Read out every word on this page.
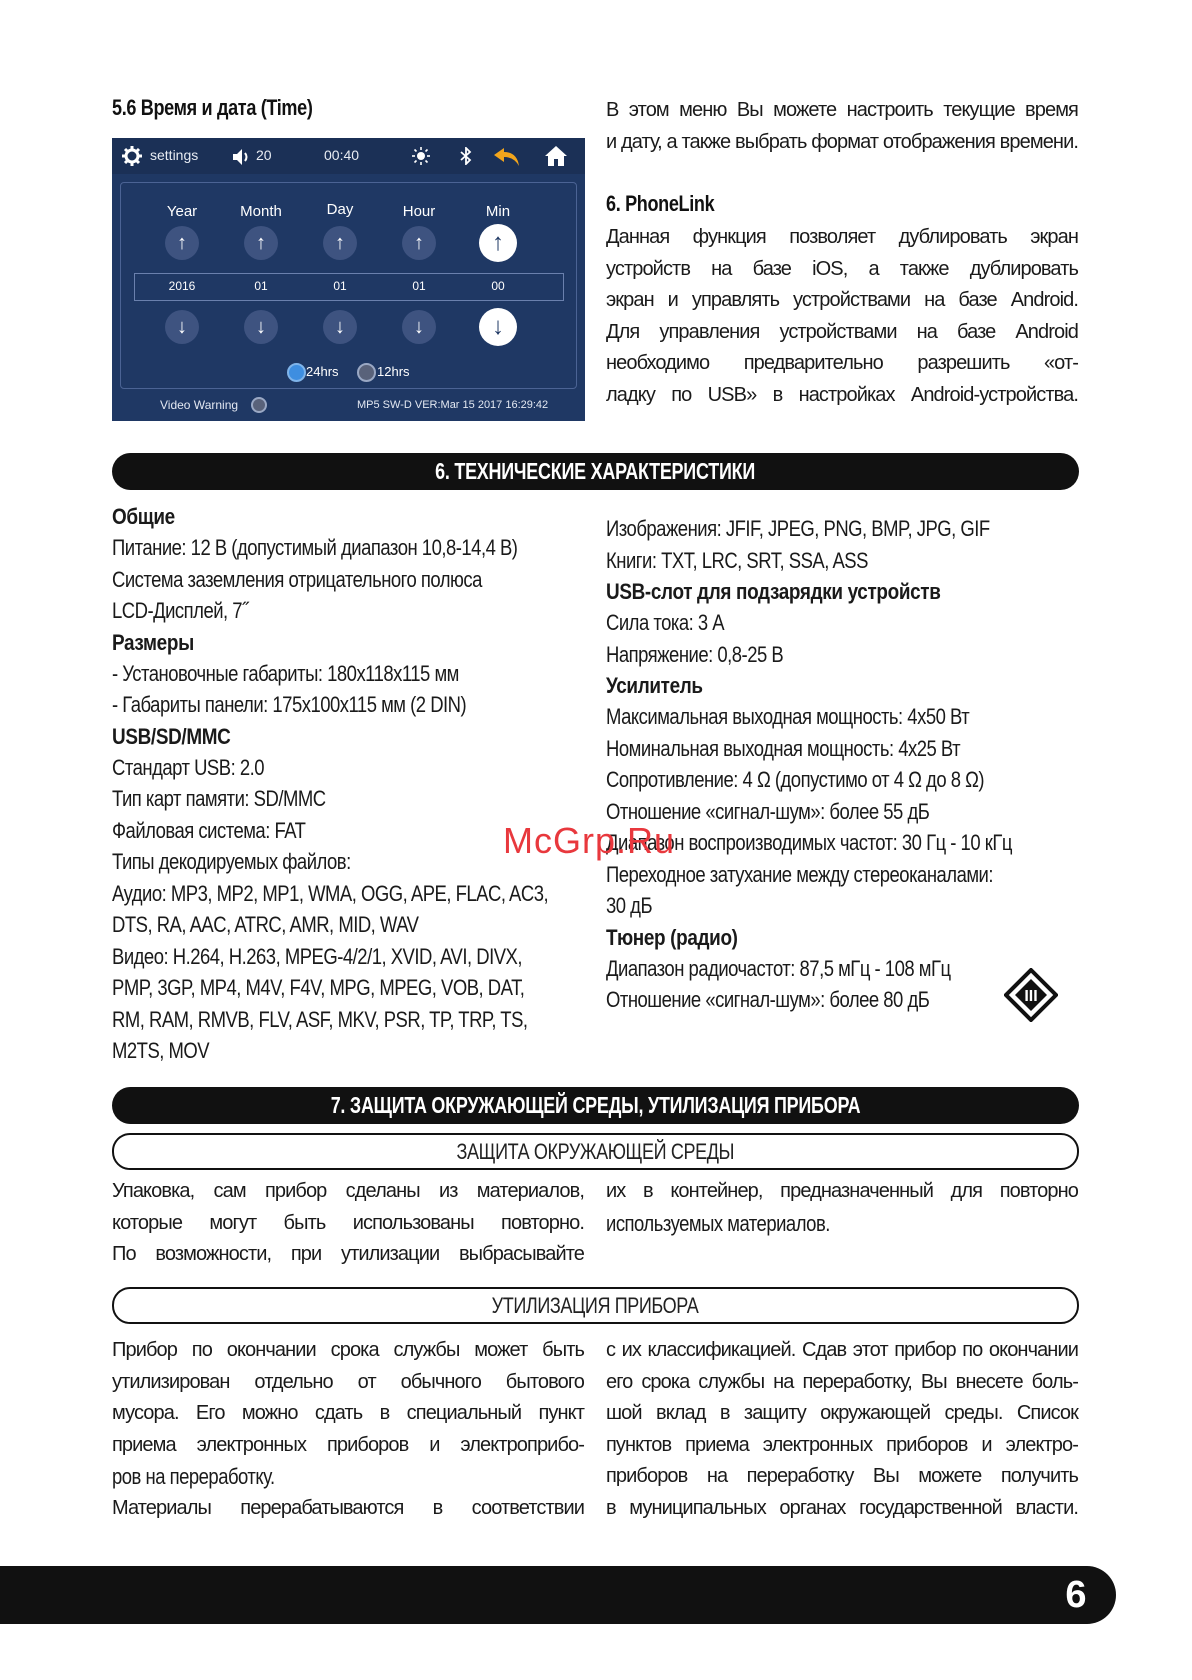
5.6 Время и дата (Time)
settings	20	00:40
Year	Month	Day	Hour	Min
↑	↑	↑	↑	↑
2016	01	01	01	00
↓	↓	↓	↓	↓
24hrs	12hrs
Video Warning	MP5 SW-D VER:Mar 15 2017 16:29:42
В этом меню Вы можете настроить текущие время
и дату, а также выбрать формат отображения времени.
6. PhoneLink
Данная функция позволяет дублировать экран
устройств на базе iOS, а также дублировать
экран и управлять устройствами на базе Android.
Для управления устройствами на базе Android
необходимо предварительно разрешить «от-
ладку по USB» в настройках Android-устройства.
6. ТЕХНИЧЕСКИЕ ХАРАКТЕРИСТИКИ
Общие
Питание: 12 В (допустимый диапазон 10,8-14,4 В)
Система заземления отрицательного полюса
LCD-Дисплей, 7˝
Размеры
- Установочные габариты: 180x118x115 мм
- Габариты панели: 175x100x115 мм (2 DIN)
USB/SD/MMC
Стандарт USB: 2.0
Тип карт памяти: SD/MMC
Файловая система: FAT
Типы декодируемых файлов:
Аудио: MP3, MP2, MP1, WMA, OGG, APE, FLAC, AC3,
DTS, RA, AAC, ATRC, AMR, MID, WAV
Видео: H.264, H.263, MPEG-4/2/1, XVID, AVI, DIVX,
PMP, 3GP, MP4, M4V, F4V, MPG, MPEG, VOB, DAT,
RM, RAM, RMVB, FLV, ASF, MKV, PSR, TP, TRP, TS,
M2TS, MOV
Изображения: JFIF, JPEG, PNG, BMP, JPG, GIF
Книги: TXT, LRC, SRT, SSA, ASS
USB-слот для подзарядки устройств
Сила тока: 3 А
Напряжение: 0,8-25 В
Усилитель
Максимальная выходная мощность: 4x50 Вт
Номинальная выходная мощность: 4x25 Вт
Сопротивление: 4 Ω (допустимо от 4 Ω до 8 Ω)
Отношение «сигнал-шум»: более 55 дБ
Диапазон воспроизводимых частот: 30 Гц - 10 кГц
Переходное затухание между стереоканалами:
30 дБ
Тюнер (радио)
Диапазон радиочастот: 87,5 мГц - 108 мГц
Отношение «сигнал-шум»: более 80 дБ	III
7. ЗАЩИТА ОКРУЖАЮЩЕЙ СРЕДЫ, УТИЛИЗАЦИЯ ПРИБОРА
ЗАЩИТА ОКРУЖАЮЩЕЙ СРЕДЫ
Упаковка, сам прибор сделаны из материалов,
которые могут быть использованы повторно.
По возможности, при утилизации выбрасывайте
их в контейнер, предназначенный для повторно
используемых материалов.
УТИЛИЗАЦИЯ ПРИБОРА
Прибор по окончании срока службы может быть
утилизирован отдельно от обычного бытового
мусора. Его можно сдать в специальный пункт
приема электронных приборов и электроприбо-
ров на переработку.
Материалы перерабатываются в соответствии
с их классификацией. Сдав этот прибор по окончании
его срока службы на переработку, Вы внесете боль-
шой вклад в защиту окружающей среды. Список
пунктов приема электронных приборов и электро-
приборов на переработку Вы можете получить
в муниципальных органах государственной власти.
McGrp.Ru
6
